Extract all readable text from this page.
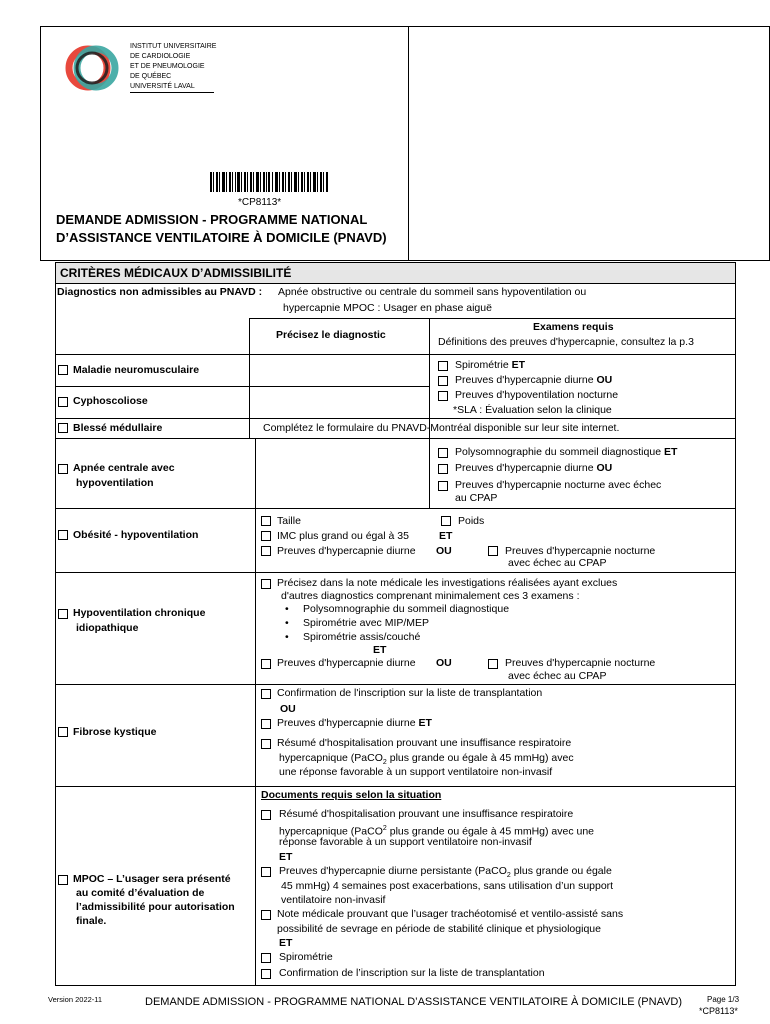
INSTITUT UNIVERSITAIRE
DE CARDIOLOGIE
ET DE PNEUMOLOGIE
DE QUÉBEC
UNIVERSITÉ LAVAL
*CP8113*
DEMANDE ADMISSION - PROGRAMME NATIONAL
D’ASSISTANCE VENTILATOIRE À DOMICILE (PNAVD)
CRITÈRES MÉDICAUX D’ADMISSIBILITÉ
Diagnostics non admissibles au PNAVD : Apnée obstructive ou centrale du sommeil sans hypoventilation ou
hypercapnie MPOC : Usager en phase aiguë
Précisez le diagnostic
Examens requis
Définitions des preuves d'hypercapnie, consultez la p.3
Maladie neuromusculaire	Spirométrie ET
Preuves d'hypercapnie diurne OU
Preuves d'hypoventilation nocturne
*SLA : Évaluation selon la clinique
Cyphoscoliose
Blessé médullaire	Complétez le formulaire du PNAVD-Montréal disponible sur leur site internet.
Apnée centrale avec
hypoventilation
Polysomnographie du sommeil diagnostique ET
Preuves d'hypercapnie diurne OU
Preuves d'hypercapnie nocturne avec échec
au CPAP
Obésité - hypoventilation
Taille	Poids
IMC plus grand ou égal à 35	ET
Preuves d'hypercapnie diurne OU	Preuves d'hypercapnie nocturne
avec échec au CPAP
Hypoventilation chronique
idiopathique
Précisez dans la note médicale les investigations réalisées ayant exclues
d'autres diagnostics comprenant minimalement ces 3 examens :
• Polysomnographie du sommeil diagnostique
• Spirométrie avec MIP/MEP
• Spirométrie assis/couché
ET
Preuves d'hypercapnie diurne OU	Preuves d'hypercapnie nocturne
avec échec au CPAP
Fibrose kystique
Confirmation de l'inscription sur la liste de transplantation
OU
Preuves d'hypercapnie diurne ET
Résumé d'hospitalisation prouvant une insuffisance respiratoire
hypercapnique (PaCO$_2$ plus grande ou égale à 45 mmHg) avec
une réponse favorable à un support ventilatoire non-invasif
MPOC – L’usager sera présenté
au comité d’évaluation de
l’admissibilité pour autorisation
finale.
Documents requis selon la situation
Résumé d'hospitalisation prouvant une insuffisance respiratoire
hypercapnique (PaCO$^2$ plus grande ou égale à 45 mmHg) avec une
réponse favorable à un support ventilatoire non-invasif
ET
Preuves d'hypercapnie diurne persistante (PaCO$_2$ plus grande ou égale
45 mmHg) 4 semaines post exacerbations, sans utilisation d’un support
ventilatoire non-invasif
Note médicale prouvant que l’usager trachéotomisé et ventilo-assisté sans
possibilité de sevrage en période de stabilité clinique et physiologique
ET
Spirométrie
Confirmation de l’inscription sur la liste de transplantation
Version 2022-11	DEMANDE ADMISSION - PROGRAMME NATIONAL D’ASSISTANCE VENTILATOIRE À DOMICILE (PNAVD)	Page 1/3
*CP8113*
